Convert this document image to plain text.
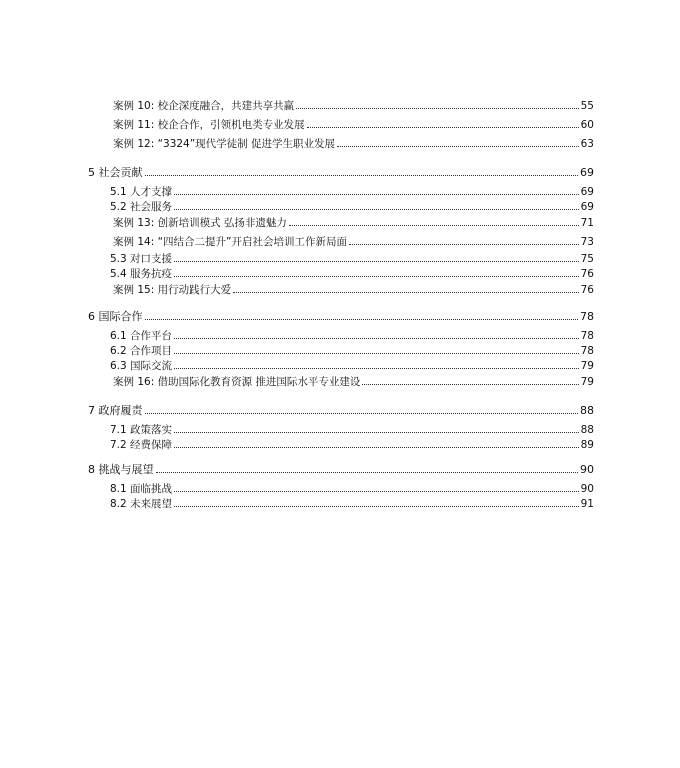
案例 10: 校企深度融合，共建共享共赢	55
案例 11: 校企合作，引领机电类专业发展	60
案例 12: “3324”现代学徒制 促进学生职业发展	63
5 社会贡献	69
5.1 人才支撑	69
5.2 社会服务	69
案例 13: 创新培训模式 弘扬非遗魅力	71
案例 14: “四结合二提升”开启社会培训工作新局面	73
5.3 对口支援	75
5.4 服务抗疫	76
案例 15: 用行动践行大爱	76
6 国际合作	78
6.1 合作平台	78
6.2 合作项目	78
6.3 国际交流	79
案例 16: 借助国际化教育资源 推进国际水平专业建设	79
7 政府履责	88
7.1 政策落实	88
7.2 经费保障	89
8 挑战与展望	90
8.1 面临挑战	90
8.2 未来展望	91
